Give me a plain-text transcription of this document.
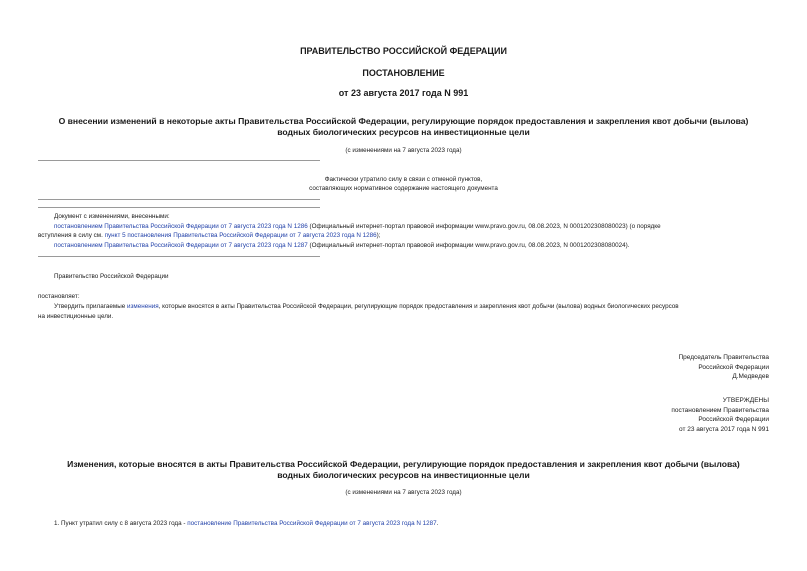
ПРАВИТЕЛЬСТВО РОССИЙСКОЙ ФЕДЕРАЦИИ
ПОСТАНОВЛЕНИЕ
от 23 августа 2017 года N 991
О внесении изменений в некоторые акты Правительства Российской Федерации, регулирующие порядок предоставления и закрепления квот добычи (вылова)
водных биологических ресурсов на инвестиционные цели
(с изменениями на 7 августа 2023 года)
Фактически утратило силу в связи с отменой пунктов,
составляющих нормативное содержание настоящего документа
Документ с изменениями, внесенными:
постановлением Правительства Российской Федерации от 7 августа 2023 года N 1286 (Официальный интернет-портал правовой информации www.pravo.gov.ru, 08.08.2023, N 0001202308080023) (о порядке
вступления в силу см. пункт 5 постановления Правительства Российской Федерации от 7 августа 2023 года N 1286);
постановлением Правительства Российской Федерации от 7 августа 2023 года N 1287 (Официальный интернет-портал правовой информации www.pravo.gov.ru, 08.08.2023, N 0001202308080024).
Правительство Российской Федерации
постановляет:
Утвердить прилагаемые изменения, которые вносятся в акты Правительства Российской Федерации, регулирующие порядок предоставления и закрепления квот добычи (вылова) водных биологических ресурсов
на инвестиционные цели.
Председатель Правительства
Российской Федерации
Д.Медведев
УТВЕРЖДЕНЫ
постановлением Правительства
Российской Федерации
от 23 августа 2017 года N 991
Изменения, которые вносятся в акты Правительства Российской Федерации, регулирующие порядок предоставления и закрепления квот добычи (вылова)
водных биологических ресурсов на инвестиционные цели
(с изменениями на 7 августа 2023 года)
1. Пункт утратил силу с 8 августа 2023 года - постановление Правительства Российской Федерации от 7 августа 2023 года N 1287.
